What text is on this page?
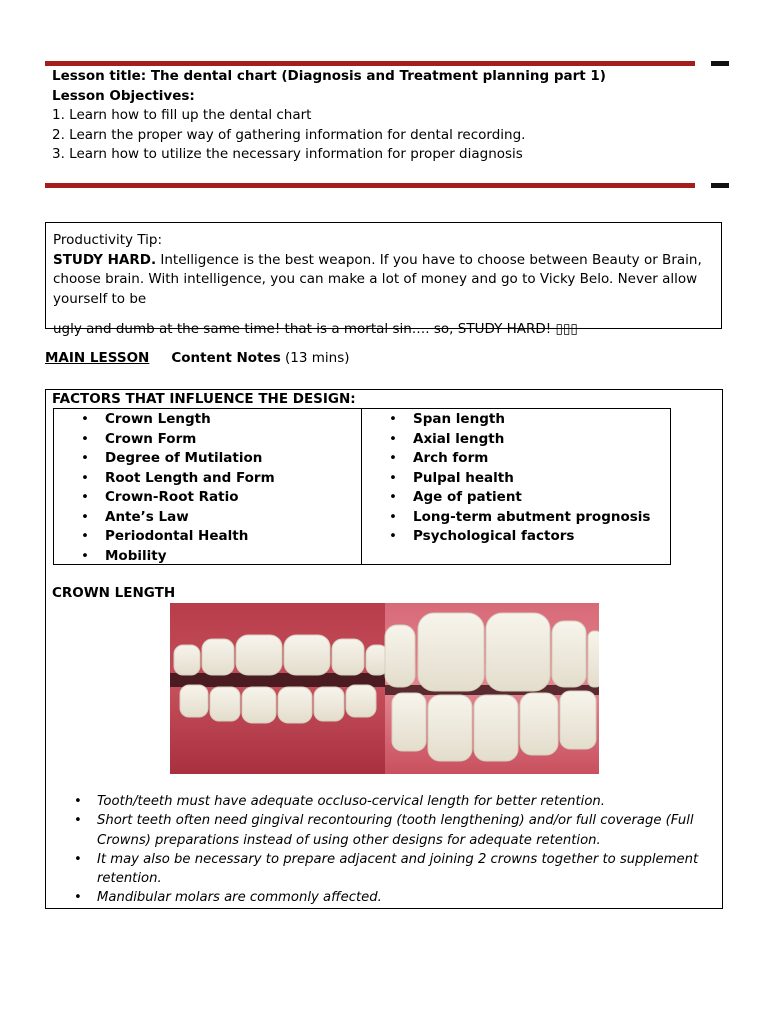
Lesson title: The dental chart (Diagnosis and Treatment planning part 1)
Lesson Objectives:
1. Learn how to fill up the dental chart
2. Learn the proper way of gathering information for dental recording.
3. Learn how to utilize the necessary information for proper diagnosis
Productivity Tip:
STUDY HARD. Intelligence is the best weapon. If you have to choose between Beauty or Brain, choose brain. With intelligence, you can make a lot of money and go to Vicky Belo. Never allow yourself to be
ugly and dumb at the same time! that is a mortal sin…. so, STUDY HARD! ▯▯▯
MAIN LESSON Content Notes (13 mins)
FACTORS THAT INFLUENCE THE DESIGN:
• Crown Length
• Crown Form
• Degree of Mutilation
• Root Length and Form
• Crown-Root Ratio
• Ante’s Law
• Periodontal Health
• Mobility
• Span length
• Axial length
• Arch form
• Pulpal health
• Age of patient
• Long-term abutment prognosis
• Psychological factors
CROWN LENGTH
• Tooth/teeth must have adequate occluso-cervical length for better retention.
• Short teeth often need gingival recontouring (tooth lengthening) and/or full coverage (Full Crowns) preparations instead of using other designs for adequate retention.
• It may also be necessary to prepare adjacent and joining 2 crowns together to supplement retention.
• Mandibular molars are commonly affected.
